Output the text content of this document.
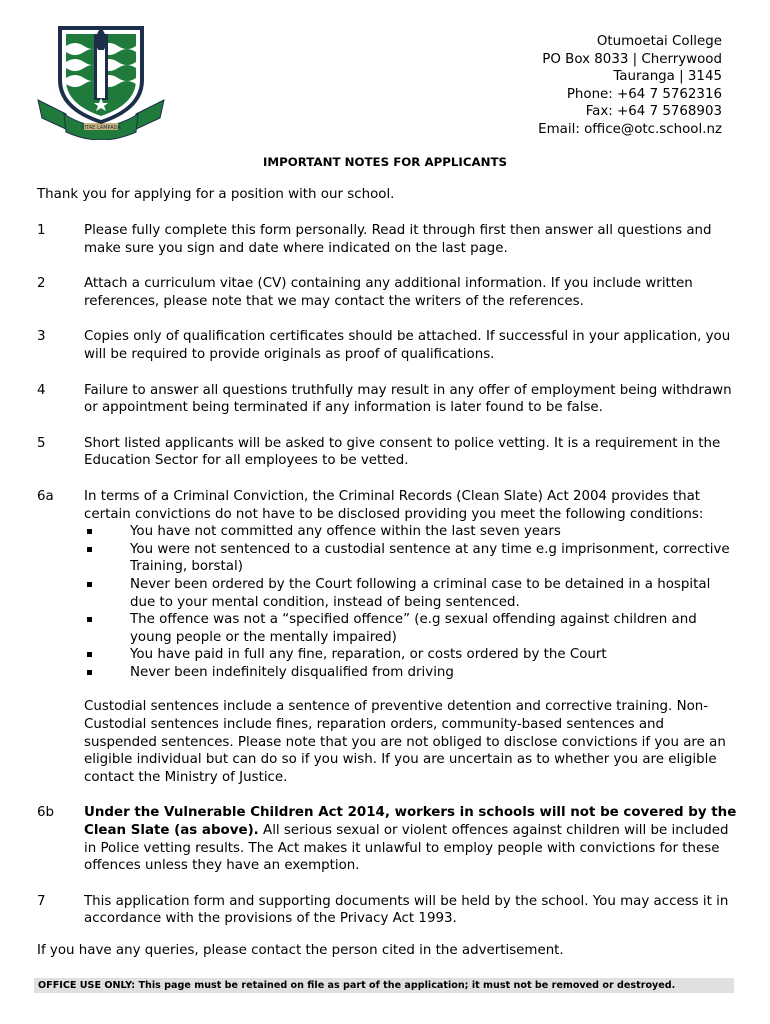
VITAE LAMPADA
Otumoetai College
PO Box 8033 | Cherrywood
Tauranga | 3145
Phone: +64 7 5762316
Fax: +64 7 5768903
Email: office@otc.school.nz
IMPORTANT NOTES FOR APPLICANTS
Thank you for applying for a position with our school.
1	Please fully complete this form personally. Read it through first then answer all questions and make sure you sign and date where indicated on the last page.
2	Attach a curriculum vitae (CV) containing any additional information. If you include written references, please note that we may contact the writers of the references.
3	Copies only of qualification certificates should be attached. If successful in your application, you will be required to provide originals as proof of qualifications.
4	Failure to answer all questions truthfully may result in any offer of employment being withdrawn or appointment being terminated if any information is later found to be false.
5	Short listed applicants will be asked to give consent to police vetting. It is a requirement in the Education Sector for all employees to be vetted.
6a In terms of a Criminal Conviction, the Criminal Records (Clean Slate) Act 2004 provides that certain convictions do not have to be disclosed providing you meet the following conditions:
You have not committed any offence within the last seven years
You were not sentenced to a custodial sentence at any time e.g imprisonment, corrective Training, borstal)
Never been ordered by the Court following a criminal case to be detained in a hospital due to your mental condition, instead of being sentenced.
The offence was not a “specified offence” (e.g sexual offending against children and young people or the mentally impaired)
You have paid in full any fine, reparation, or costs ordered by the Court
Never been indefinitely disqualified from driving
Custodial sentences include a sentence of preventive detention and corrective training. Non-Custodial sentences include fines, reparation orders, community-based sentences and suspended sentences. Please note that you are not obliged to disclose convictions if you are an eligible individual but can do so if you wish. If you are uncertain as to whether you are eligible contact the Ministry of Justice.
6b Under the Vulnerable Children Act 2014, workers in schools will not be covered by the Clean Slate (as above). All serious sexual or violent offences against children will be included in Police vetting results. The Act makes it unlawful to employ people with convictions for these offences unless they have an exemption.
7	This application form and supporting documents will be held by the school. You may access it in accordance with the provisions of the Privacy Act 1993.
If you have any queries, please contact the person cited in the advertisement.
OFFICE USE ONLY: This page must be retained on file as part of the application; it must not be removed or destroyed.
